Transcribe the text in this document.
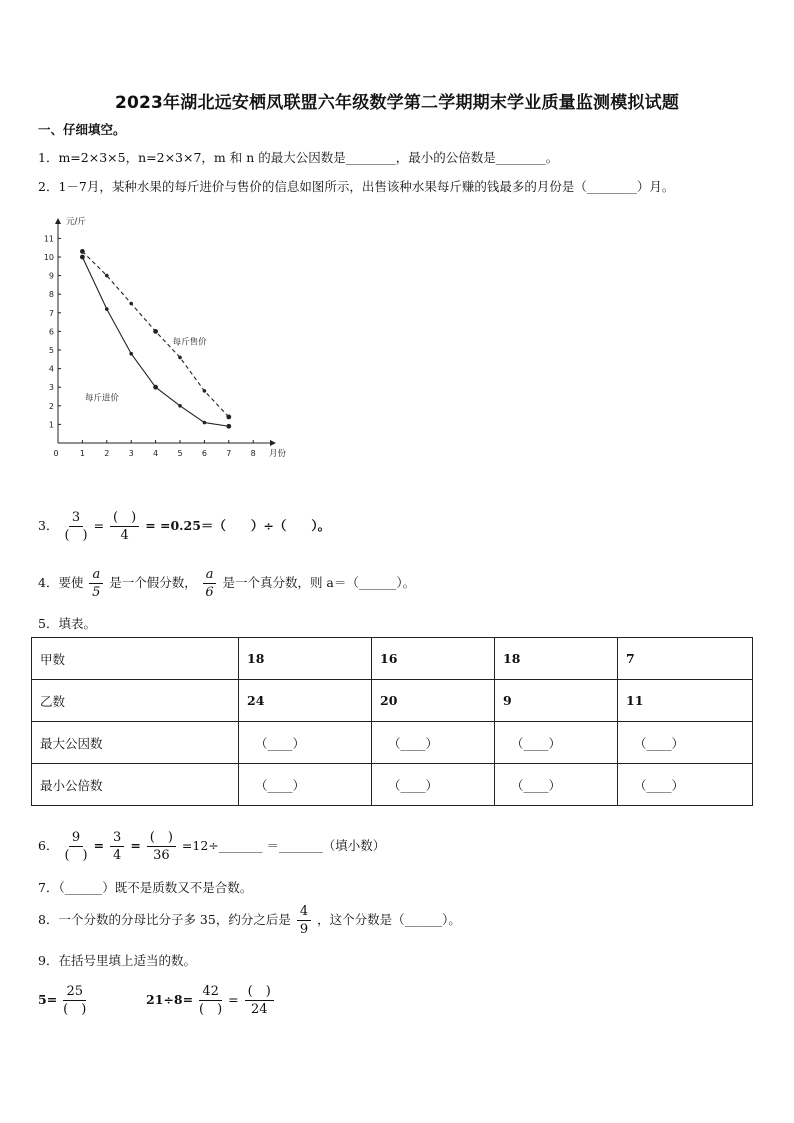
2023年湖北远安栖凤联盟六年级数学第二学期期末学业质量监测模拟试题
一、仔细填空。
1．m=2×3×5，n=2×3×7，m 和 n 的最大公因数是________，最小的公倍数是________。
2．1－7月，某种水果的每斤进价与售价的信息如图所示，出售该种水果每斤赚的钱最多的月份是（________）月。
1
2
3
4
5
6
7
8
9
10
11
0	1 2 3 4 5 6 7 8
元/斤
月份
每斤售价
每斤进价
3． $\frac{3}{( )} = \frac{( )}{4} = =0.25=$（　　）÷（　　）。
4．要使 $\frac{a}{5}$ 是一个假分数， $\frac{a}{6}$ 是一个真分数，则 a＝（______）。
5．填表。
甲数	18	16	18	7
乙数	24	20	9	11
最大公因数	（____）	（____）	（____）	（____）
最小公倍数	（____）	（____）	（____）	（____）
6． $\frac{9}{( )} = \frac{3}{4} = \frac{( )}{36}$ =12÷_______ ＝_______（填小数）
7．（______）既不是质数又不是合数。
8．一个分数的分母比分子多 35，约分之后是 $\frac{4}{9}$ ，这个分数是（______）。
9．在括号里填上适当的数。
$5= \frac{25}{( )}$	$21\div 8= \frac{42}{( )} = \frac{( )}{24}$
